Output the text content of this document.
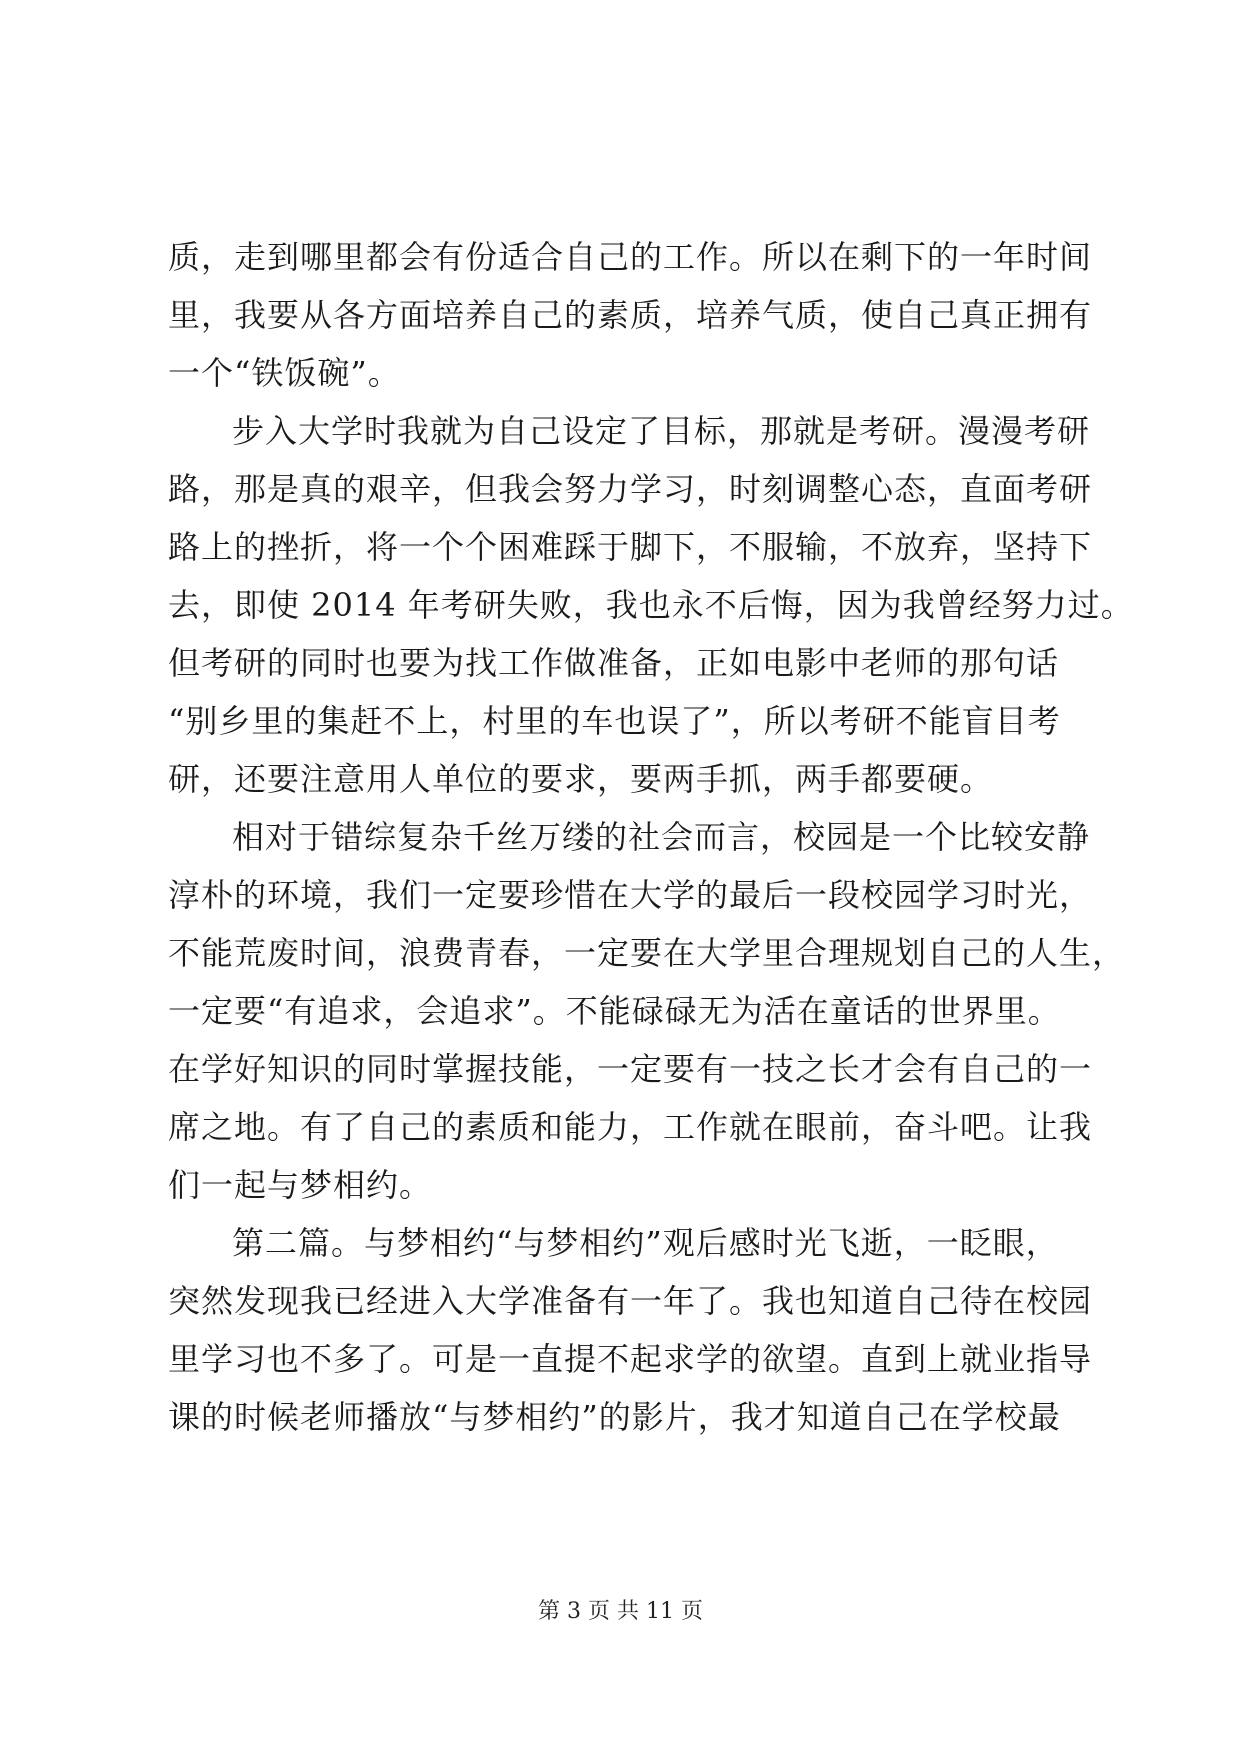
质，走到哪里都会有份适合自己的工作。所以在剩下的一年时间
里，我要从各方面培养自己的素质，培养气质，使自己真正拥有
一个“铁饭碗”。
步入大学时我就为自己设定了目标，那就是考研。漫漫考研
路，那是真的艰辛，但我会努力学习，时刻调整心态，直面考研
路上的挫折，将一个个困难踩于脚下，不服输，不放弃，坚持下
去，即使 2014 年考研失败，我也永不后悔，因为我曾经努力过。
但考研的同时也要为找工作做准备，正如电影中老师的那句话
“别乡里的集赶不上，村里的车也误了”，所以考研不能盲目考
研，还要注意用人单位的要求，要两手抓，两手都要硬。
相对于错综复杂千丝万缕的社会而言，校园是一个比较安静
淳朴的环境，我们一定要珍惜在大学的最后一段校园学习时光，
不能荒废时间，浪费青春，一定要在大学里合理规划自己的人生，
一定要“有追求，会追求”。不能碌碌无为活在童话的世界里。
在学好知识的同时掌握技能，一定要有一技之长才会有自己的一
席之地。有了自己的素质和能力，工作就在眼前，奋斗吧。让我
们一起与梦相约。
第二篇。与梦相约“与梦相约”观后感时光飞逝，一眨眼，
突然发现我已经进入大学准备有一年了。我也知道自己待在校园
里学习也不多了。可是一直提不起求学的欲望。直到上就业指导
课的时候老师播放“与梦相约”的影片，我才知道自己在学校最
第 3 页 共 11 页
